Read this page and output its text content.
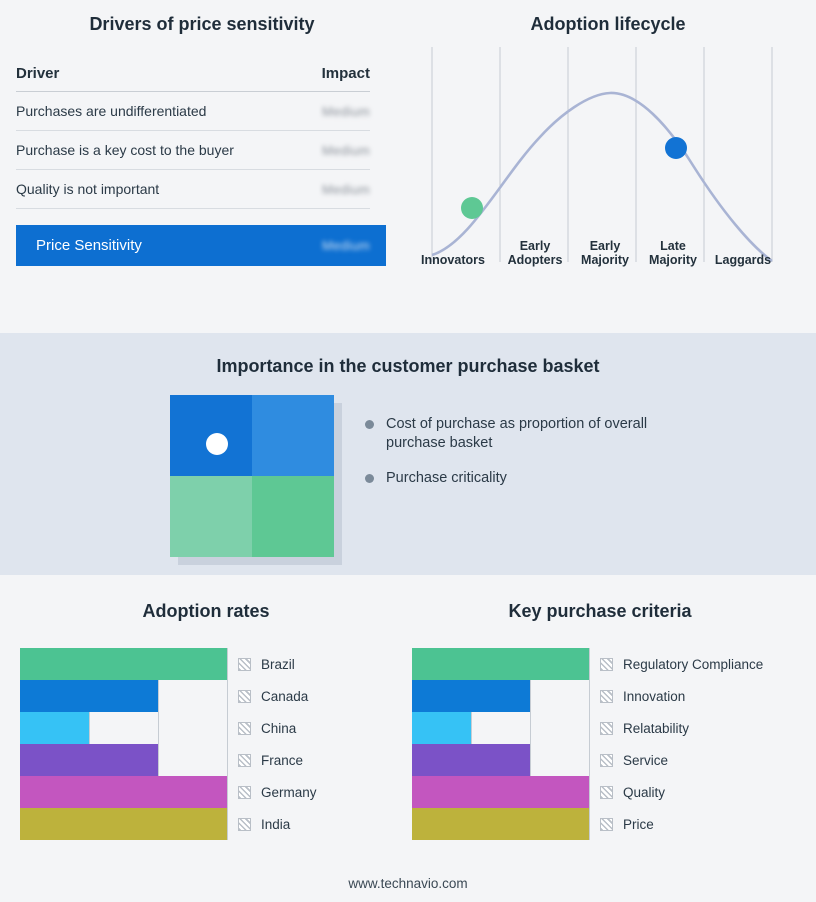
Drivers of price sensitivity
Driver	Impact
Purchases are undifferentiated	Medium
Purchase is a key cost to the buyer	Medium
Quality is not important	Medium
Price Sensitivity	Medium
Adoption lifecycle
Innovators
Early Adopters
Early Majority
Late Majority	Laggards
Importance in the customer purchase basket
Cost of purchase as proportion of overall purchase basket
Purchase criticality
Adoption rates
Brazil
Canada
China
France
Germany
India
Key purchase criteria
Regulatory Compliance
Innovation
Relatability
Service
Quality
Price
www.technavio.com
